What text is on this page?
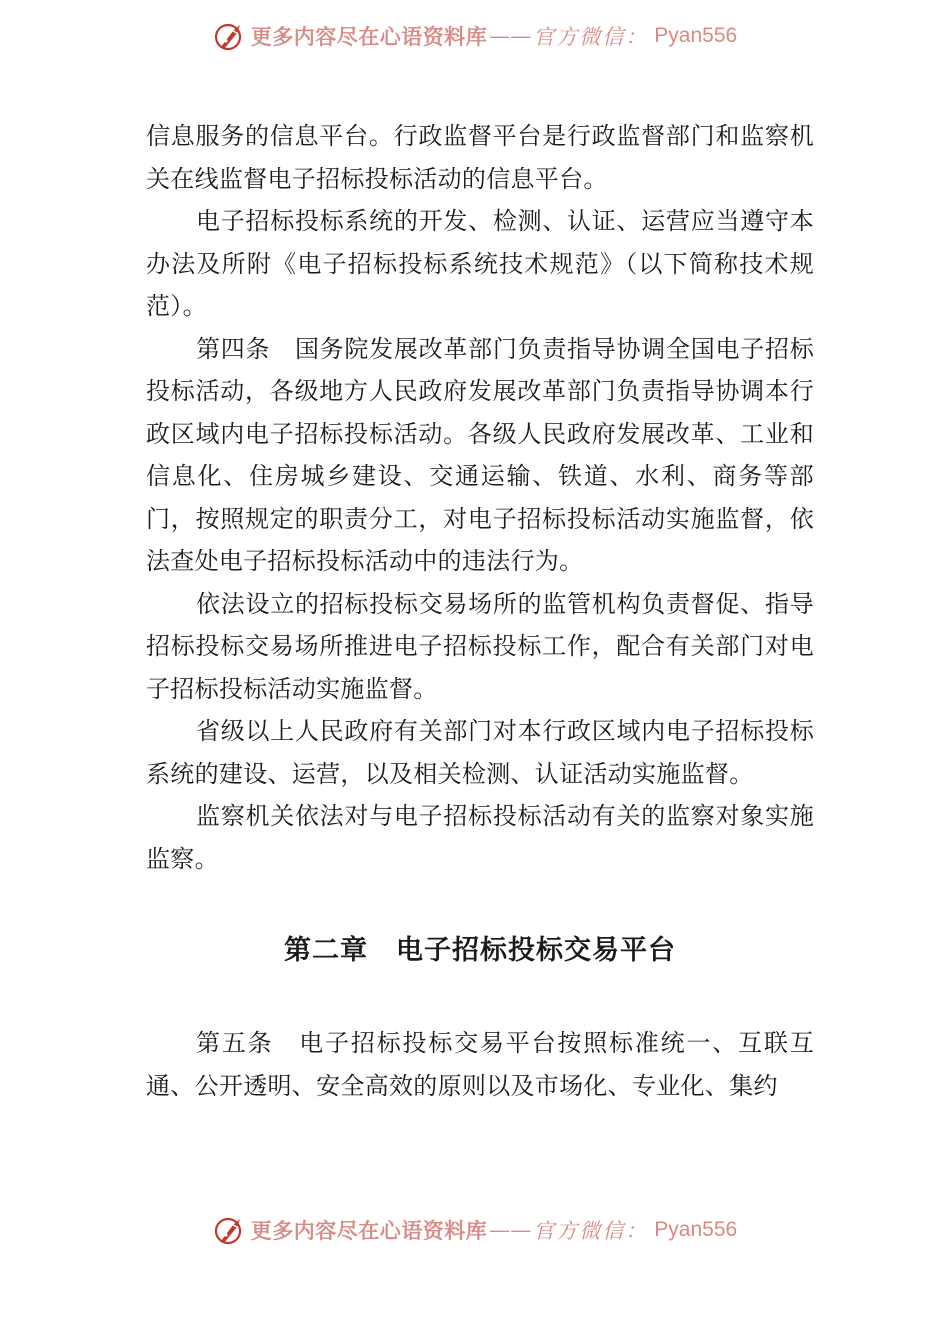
更多内容尽在心语资料库 —— 官方微信： Pyan556

信息服务的信息平台。行政监督平台是行政监督部门和监察机关在线监督电子招标投标活动的信息平台。

电子招标投标系统的开发、检测、认证、运营应当遵守本办法及所附《电子招标投标系统技术规范》（以下简称技术规范）。

第四条　国务院发展改革部门负责指导协调全国电子招标投标活动，各级地方人民政府发展改革部门负责指导协调本行政区域内电子招标投标活动。各级人民政府发展改革、工业和信息化、住房城乡建设、交通运输、铁道、水利、商务等部门，按照规定的职责分工，对电子招标投标活动实施监督，依法查处电子招标投标活动中的违法行为。

依法设立的招标投标交易场所的监管机构负责督促、指导招标投标交易场所推进电子招标投标工作，配合有关部门对电子招标投标活动实施监督。

省级以上人民政府有关部门对本行政区域内电子招标投标系统的建设、运营，以及相关检测、认证活动实施监督。

监察机关依法对与电子招标投标活动有关的监察对象实施监察。

第二章　电子招标投标交易平台

第五条　电子招标投标交易平台按照标准统一、互联互通、公开透明、安全高效的原则以及市场化、专业化、集约

更多内容尽在心语资料库 —— 官方微信： Pyan556
